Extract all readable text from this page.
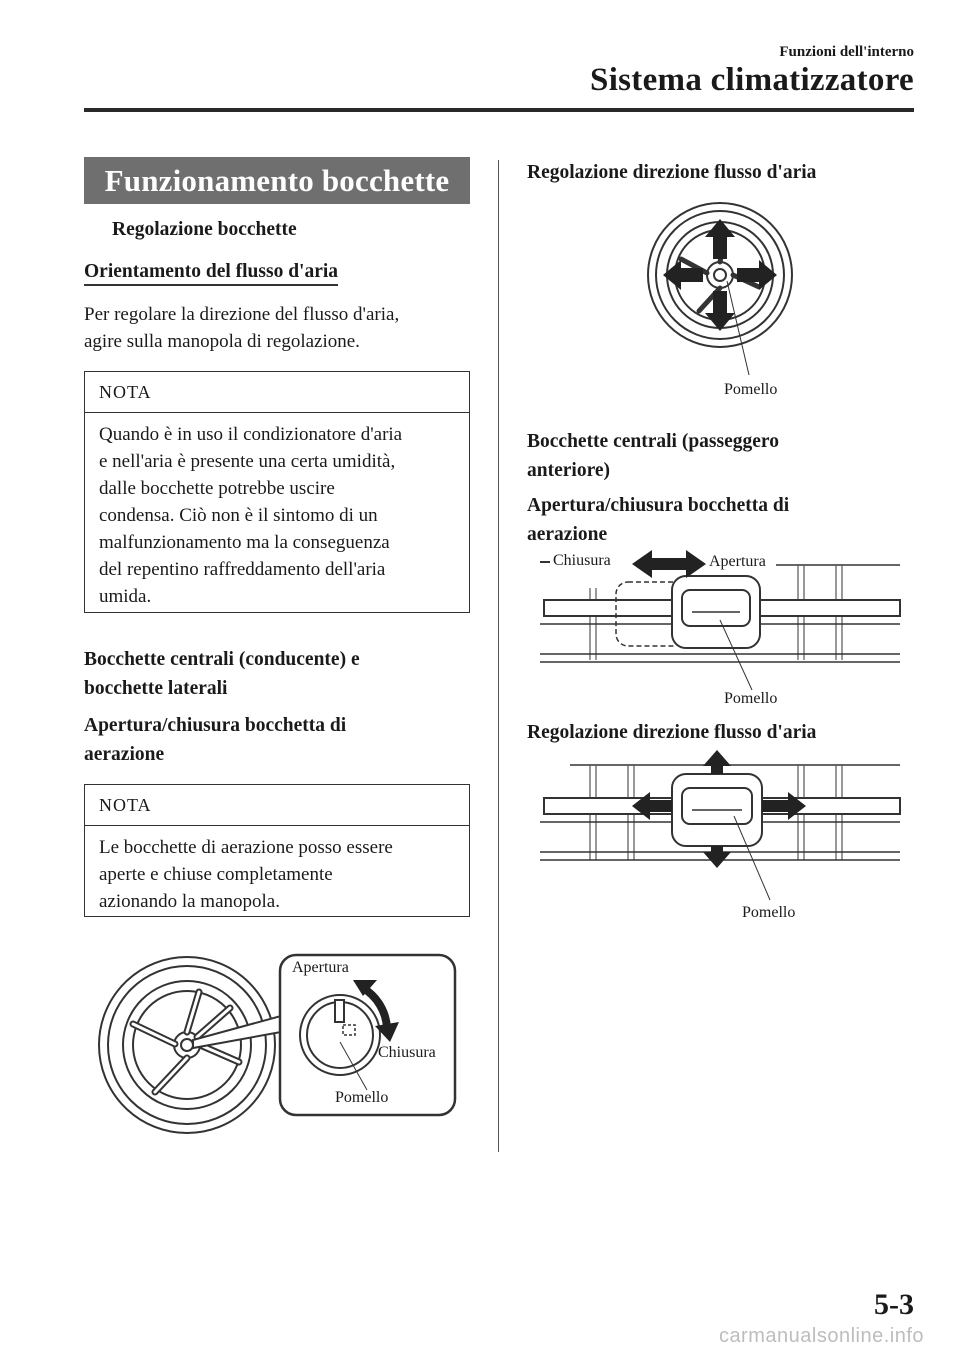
Funzioni dell'interno
Sistema climatizzatore
Funzionamento bocchette
Regolazione bocchette
Orientamento del flusso d'aria
Per regolare la direzione del flusso d'aria,
agire sulla manopola di regolazione.
NOTA
Quando è in uso il condizionatore d'aria
e nell'aria è presente una certa umidità,
dalle bocchette potrebbe uscire
condensa. Ciò non è il sintomo di un
malfunzionamento ma la conseguenza
del repentino raffreddamento dell'aria
umida.
Bocchette centrali (conducente) e
bocchette laterali
Apertura/chiusura bocchetta di
aerazione
NOTA
Le bocchette di aerazione posso essere
aperte e chiuse completamente
azionando la manopola.
Apertura
Chiusura
Pomello
Regolazione direzione flusso d'aria
Pomello
Bocchette centrali (passeggero
anteriore)
Apertura/chiusura bocchetta di
aerazione
Chiusura	Apertura
Pomello
Regolazione direzione flusso d'aria
Pomello
5-3
carmanualsonline.info
